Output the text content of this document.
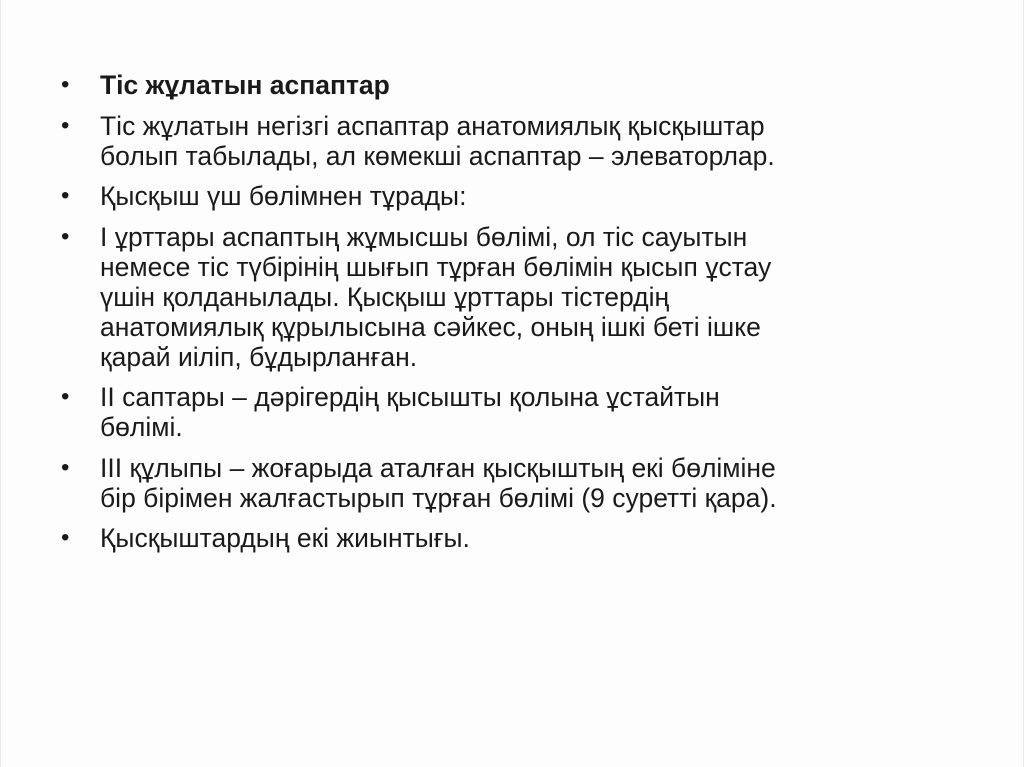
•	Тіс жұлатын аспаптар
•	Тіс жұлатын негізгі аспаптар анатомиялық қысқыштар
болып табылады, ал көмекші аспаптар – элеваторлар.
•	Қысқыш үш бөлімнен тұрады:
•	І ұрттары аспаптың жұмысшы бөлімі, ол тіс сауытын
немесе тіс түбірінің шығып тұрған бөлімін қысып ұстау
үшін қолданылады. Қысқыш ұрттары тістердің
анатомиялық құрылысына сәйкес, оның ішкі беті ішке
қарай иіліп, бұдырланған.
•	ІІ саптары – дәрігердің қысышты қолына ұстайтын
бөлімі.
•	ІІІ құлыпы – жоғарыда аталған қысқыштың екі бөліміне
бір бірімен жалғастырып тұрған бөлімі (9 суретті қара).
•	Қысқыштардың екі жиынтығы.
